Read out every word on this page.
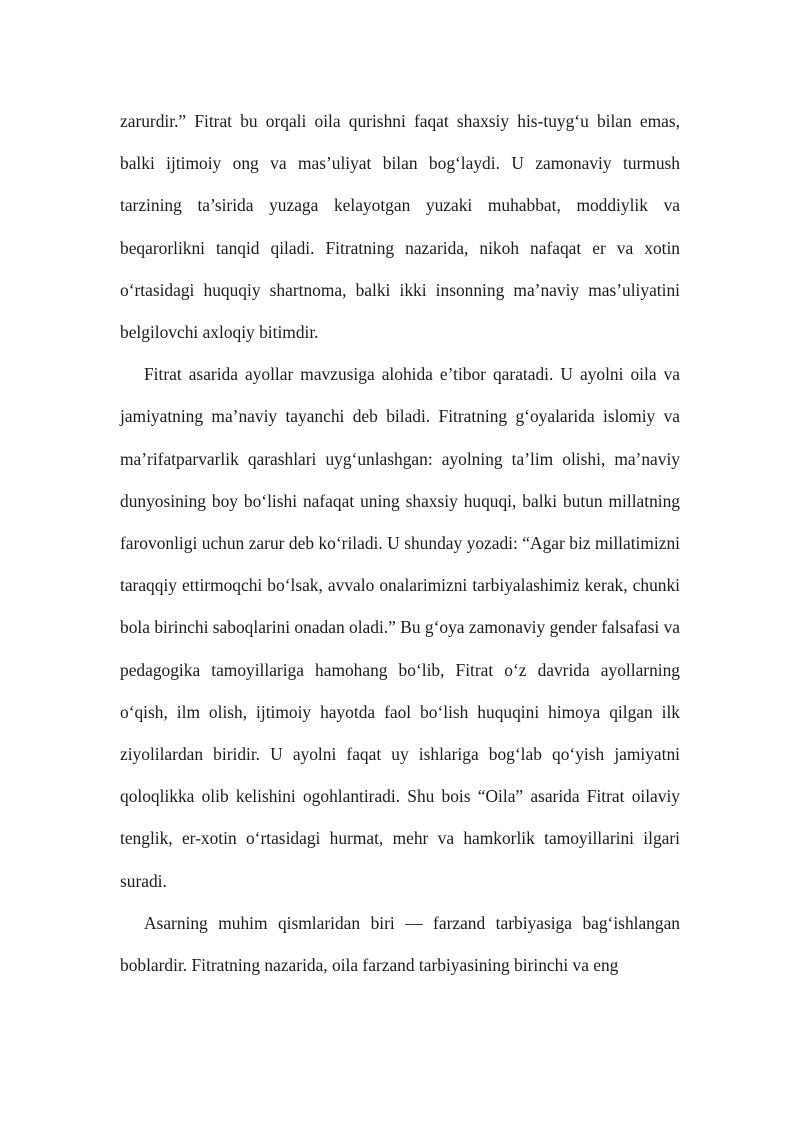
zarurdir.” Fitrat bu orqali oila qurishni faqat shaxsiy his-tuyg‘u bilan emas, balki ijtimoiy ong va mas’uliyat bilan bog‘laydi. U zamonaviy turmush tarzining ta’sirida yuzaga kelayotgan yuzaki muhabbat, moddiylik va beqarorlikni tanqid qiladi. Fitratning nazarida, nikoh nafaqat er va xotin o‘rtasidagi huquqiy shartnoma, balki ikki insonning ma’naviy mas’uliyatini belgilovchi axloqiy bitimdir.

Fitrat asarida ayollar mavzusiga alohida e’tibor qaratadi. U ayolni oila va jamiyatning ma’naviy tayanchi deb biladi. Fitratning g‘oyalarida islomiy va ma’rifatparvarlik qarashlari uyg‘unlashgan: ayolning ta’lim olishi, ma’naviy dunyosining boy bo‘lishi nafaqat uning shaxsiy huquqi, balki butun millatning farovonligi uchun zarur deb ko‘riladi. U shunday yozadi: “Agar biz millatimizni taraqqiy ettirmoqchi bo‘lsak, avvalo onalarimizni tarbiyalashimiz kerak, chunki bola birinchi saboqlarini onadan oladi.” Bu g‘oya zamonaviy gender falsafasi va pedagogika tamoyillariga hamohang bo‘lib, Fitrat o‘z davrida ayollarning o‘qish, ilm olish, ijtimoiy hayotda faol bo‘lish huquqini himoya qilgan ilk ziyolilardan biridir. U ayolni faqat uy ishlariga bog‘lab qo‘yish jamiyatni qoloqlikka olib kelishini ogohlantiradi. Shu bois “Oila” asarida Fitrat oilaviy tenglik, er-xotin o‘rtasidagi hurmat, mehr va hamkorlik tamoyillarini ilgari suradi.

Asarning muhim qismlaridan biri — farzand tarbiyasiga bag‘ishlangan boblardir. Fitratning nazarida, oila farzand tarbiyasining birinchi va eng
